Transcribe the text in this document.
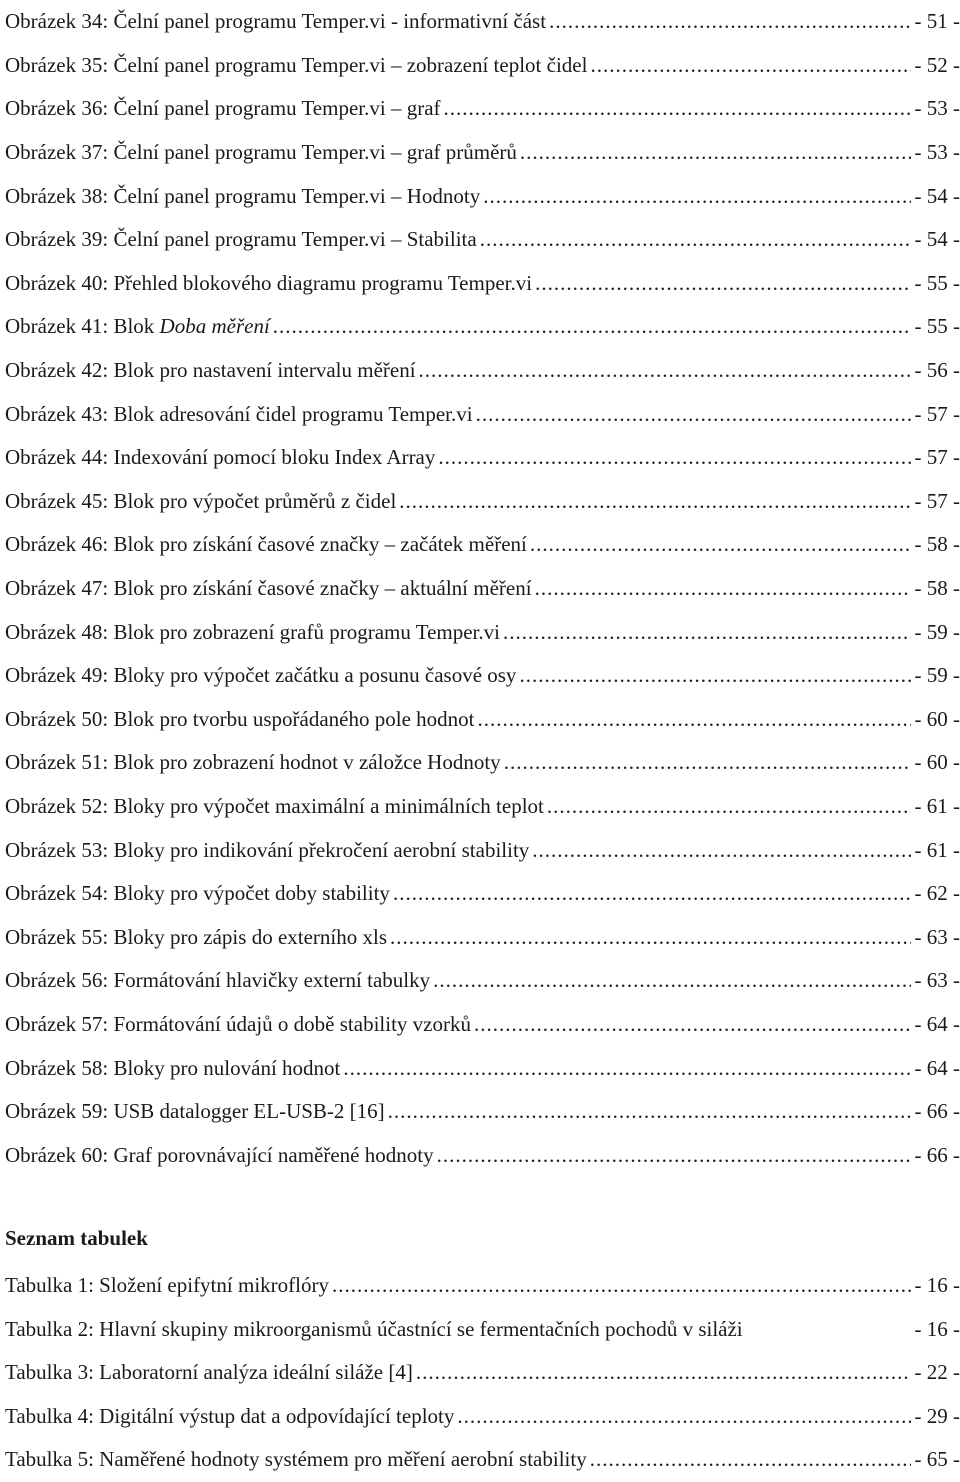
Obrázek 34: Čelní panel programu Temper.vi - informativní část .....	- 51 -
Obrázek 35: Čelní panel programu Temper.vi – zobrazení teplot čidel .....	- 52 -
Obrázek 36: Čelní panel programu Temper.vi – graf .....	- 53 -
Obrázek 37: Čelní panel programu Temper.vi – graf průměrů .....	- 53 -
Obrázek 38: Čelní panel programu Temper.vi – Hodnoty .....	- 54 -
Obrázek 39: Čelní panel programu Temper.vi – Stabilita .....	- 54 -
Obrázek 40: Přehled blokového diagramu programu Temper.vi .....	- 55 -
Obrázek 41: Blok Doba měření .....	- 55 -
Obrázek 42: Blok pro nastavení intervalu měření .....	- 56 -
Obrázek 43: Blok adresování čidel programu Temper.vi .....	- 57 -
Obrázek 44: Indexování pomocí bloku Index Array .....	- 57 -
Obrázek 45: Blok pro výpočet průměrů z čidel .....	- 57 -
Obrázek 46: Blok pro získání časové značky – začátek měření .....	- 58 -
Obrázek 47: Blok pro získání časové značky – aktuální měření .....	- 58 -
Obrázek 48: Blok pro zobrazení grafů programu Temper.vi .....	- 59 -
Obrázek 49: Bloky pro výpočet začátku a posunu časové osy .....	- 59 -
Obrázek 50: Blok pro tvorbu uspořádaného pole hodnot .....	- 60 -
Obrázek 51: Blok pro zobrazení hodnot v záložce Hodnoty .....	- 60 -
Obrázek 52: Bloky pro výpočet maximální a minimálních teplot .....	- 61 -
Obrázek 53: Bloky pro indikování překročení aerobní stability .....	- 61 -
Obrázek 54: Bloky pro výpočet doby stability .....	- 62 -
Obrázek 55: Bloky pro zápis do externího xls .....	- 63 -
Obrázek 56: Formátování hlavičky externí tabulky .....	- 63 -
Obrázek 57: Formátování údajů o době stability vzorků .....	- 64 -
Obrázek 58: Bloky pro nulování hodnot .....	- 64 -
Obrázek 59: USB datalogger EL-USB-2 [16] .....	- 66 -
Obrázek 60: Graf porovnávající naměřené hodnoty .....	- 66 -
Seznam tabulek
Tabulka 1: Složení epifytní mikroflóry .....	- 16 -
Tabulka 2: Hlavní skupiny mikroorganismů účastnící se fermentačních pochodů v siláži	- 16 -
Tabulka 3: Laboratorní analýza ideální siláže [4] .....	- 22 -
Tabulka 4: Digitální výstup dat a odpovídající teploty .....	- 29 -
Tabulka 5: Naměřené hodnoty systémem pro měření aerobní stability .....	- 65 -
